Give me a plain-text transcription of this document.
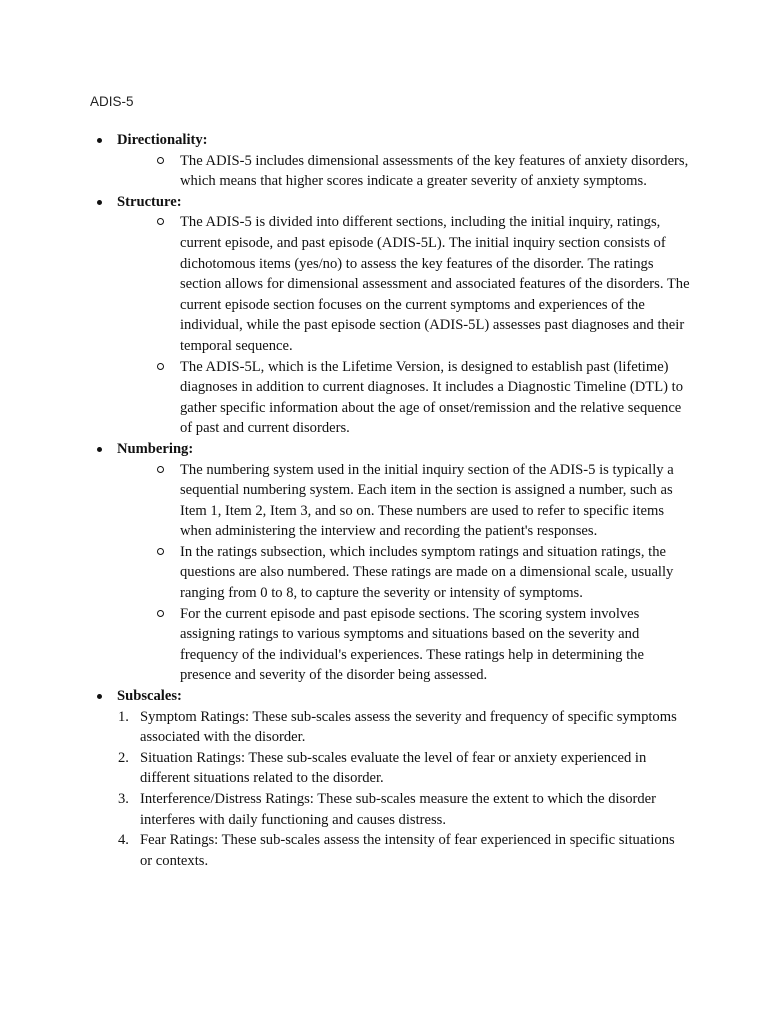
ADIS-5
Directionality:
The ADIS-5 includes dimensional assessments of the key features of anxiety disorders, which means that higher scores indicate a greater severity of anxiety symptoms.
Structure:
The ADIS-5 is divided into different sections, including the initial inquiry, ratings, current episode, and past episode (ADIS-5L). The initial inquiry section consists of dichotomous items (yes/no) to assess the key features of the disorder. The ratings section allows for dimensional assessment and associated features of the disorders. The current episode section focuses on the current symptoms and experiences of the individual, while the past episode section (ADIS-5L) assesses past diagnoses and their temporal sequence.
The ADIS-5L, which is the Lifetime Version, is designed to establish past (lifetime) diagnoses in addition to current diagnoses. It includes a Diagnostic Timeline (DTL) to gather specific information about the age of onset/remission and the relative sequence of past and current disorders.
Numbering:
The numbering system used in the initial inquiry section of the ADIS-5 is typically a sequential numbering system. Each item in the section is assigned a number, such as Item 1, Item 2, Item 3, and so on. These numbers are used to refer to specific items when administering the interview and recording the patient's responses.
In the ratings subsection, which includes symptom ratings and situation ratings, the questions are also numbered. These ratings are made on a dimensional scale, usually ranging from 0 to 8, to capture the severity or intensity of symptoms.
For the current episode and past episode sections. The scoring system involves assigning ratings to various symptoms and situations based on the severity and frequency of the individual's experiences. These ratings help in determining the presence and severity of the disorder being assessed.
Subscales:
1. Symptom Ratings: These sub-scales assess the severity and frequency of specific symptoms associated with the disorder.
2. Situation Ratings: These sub-scales evaluate the level of fear or anxiety experienced in different situations related to the disorder.
3. Interference/Distress Ratings: These sub-scales measure the extent to which the disorder interferes with daily functioning and causes distress.
4. Fear Ratings: These sub-scales assess the intensity of fear experienced in specific situations or contexts.
